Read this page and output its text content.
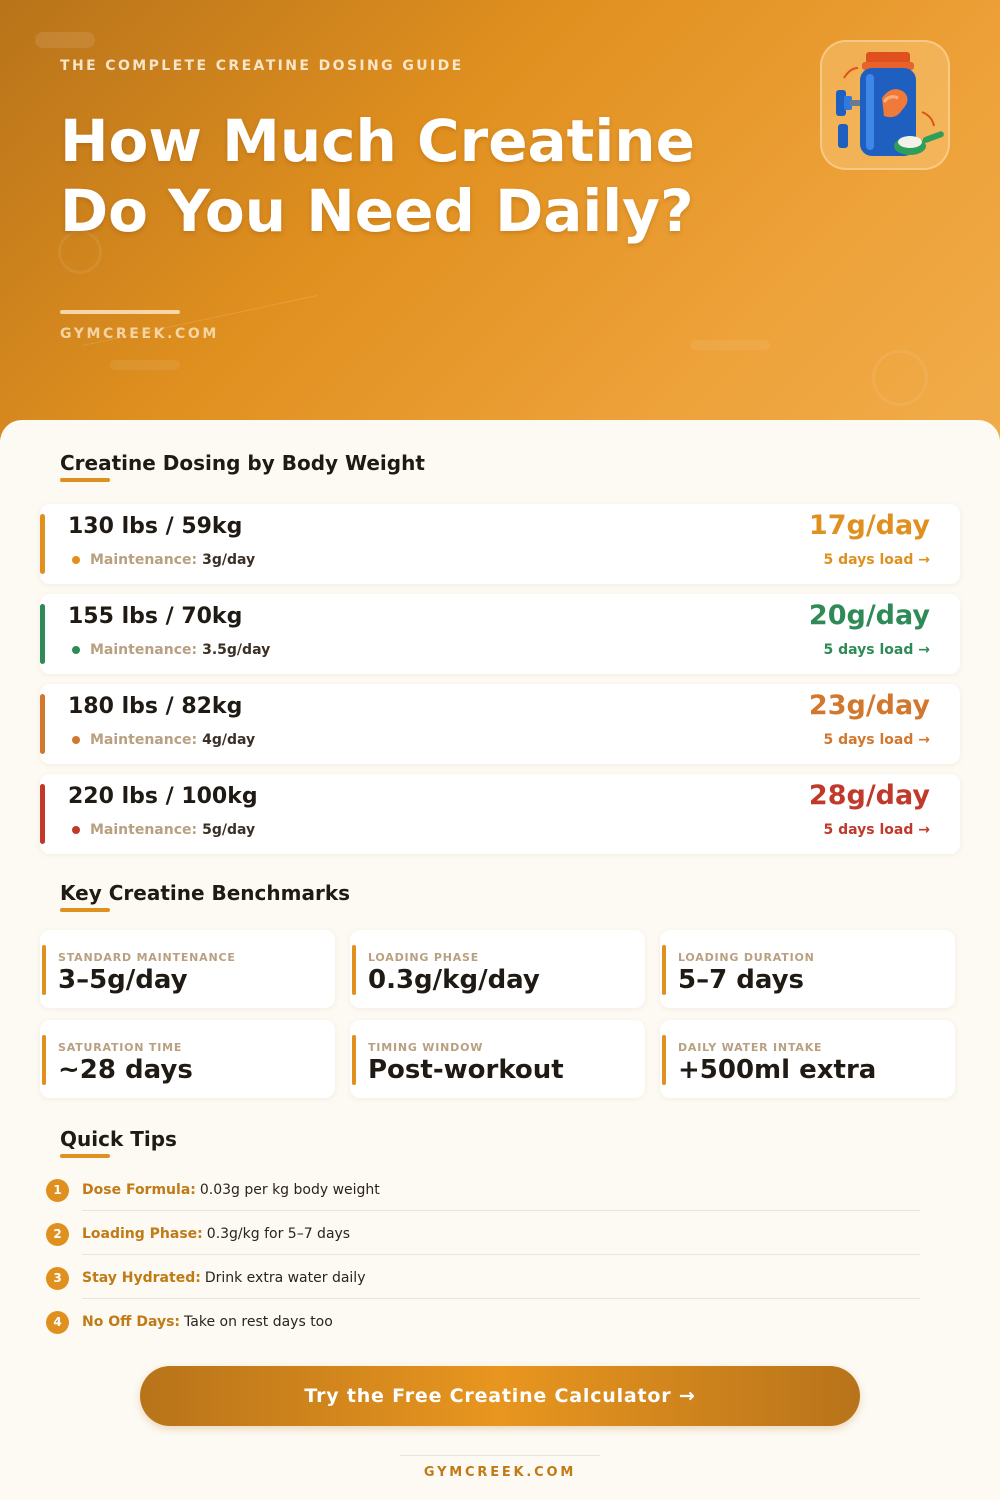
THE COMPLETE CREATINE DOSING GUIDE
How Much Creatine
Do You Need Daily?
GYMCREEK.COM
Creatine Dosing by Body Weight
130 lbs / 59kg
Maintenance: 3g/day
17g/day
5 days load →
155 lbs / 70kg
Maintenance: 3.5g/day
20g/day
5 days load →
180 lbs / 82kg
Maintenance: 4g/day
23g/day
5 days load →
220 lbs / 100kg
Maintenance: 5g/day
28g/day
5 days load →
Key Creatine Benchmarks
STANDARD MAINTENANCE
3–5g/day
LOADING PHASE
0.3g/kg/day
LOADING DURATION
5–7 days
SATURATION TIME
~28 days
TIMING WINDOW
Post-workout
DAILY WATER INTAKE
+500ml extra
Quick Tips
1	Dose Formula: 0.03g per kg body weight
2	Loading Phase: 0.3g/kg for 5–7 days
3	Stay Hydrated: Drink extra water daily
4	No Off Days: Take on rest days too
Try the Free Creatine Calculator →
GYMCREEK.COM
